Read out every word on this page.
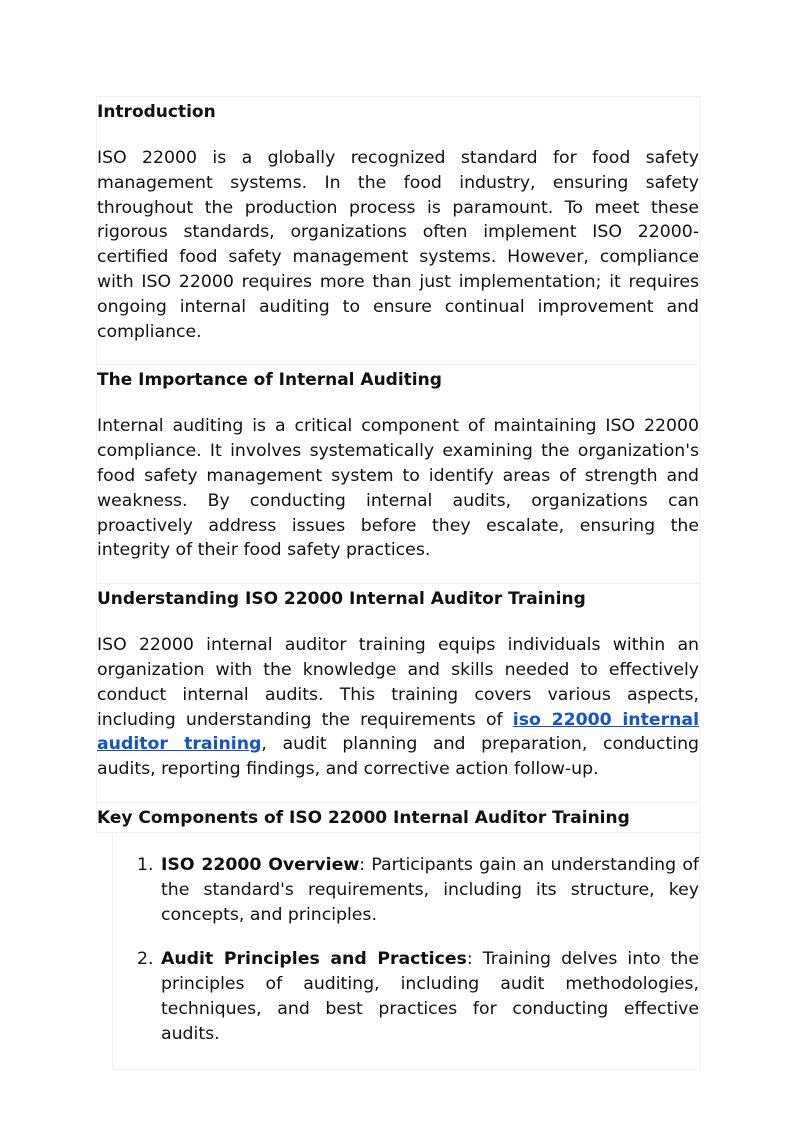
Introduction

ISO 22000 is a globally recognized standard for food safety management systems. In the food industry, ensuring safety throughout the production process is paramount. To meet these rigorous standards, organizations often implement ISO 22000-certified food safety management systems. However, compliance with ISO 22000 requires more than just implementation; it requires ongoing internal auditing to ensure continual improvement and compliance.

The Importance of Internal Auditing

Internal auditing is a critical component of maintaining ISO 22000 compliance. It involves systematically examining the organization's food safety management system to identify areas of strength and weakness. By conducting internal audits, organizations can proactively address issues before they escalate, ensuring the integrity of their food safety practices.

Understanding ISO 22000 Internal Auditor Training

ISO 22000 internal auditor training equips individuals within an organization with the knowledge and skills needed to effectively conduct internal audits. This training covers various aspects, including understanding the requirements of iso 22000 internal auditor training, audit planning and preparation, conducting audits, reporting findings, and corrective action follow-up.

Key Components of ISO 22000 Internal Auditor Training
1. ISO 22000 Overview: Participants gain an understanding of the standard's requirements, including its structure, key concepts, and principles.
2. Audit Principles and Practices: Training delves into the principles of auditing, including audit methodologies, techniques, and best practices for conducting effective audits.
